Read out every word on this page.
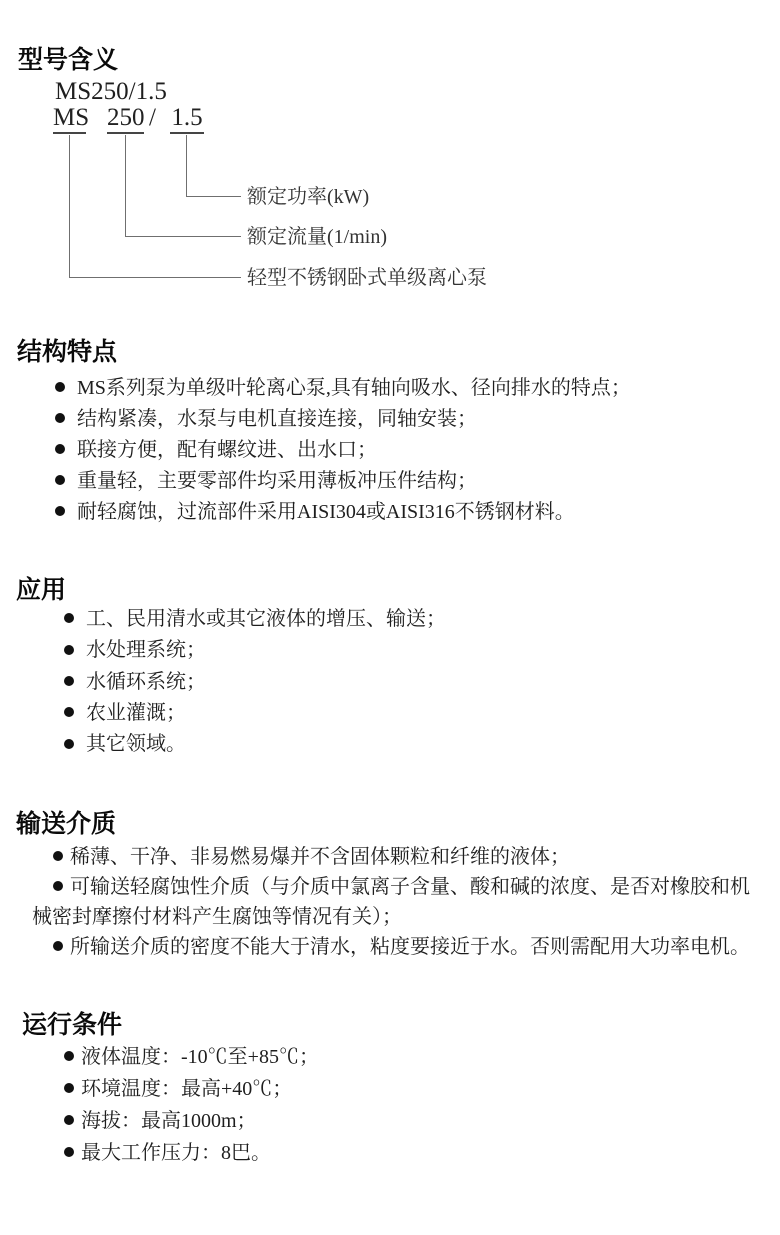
型号含义
MS250/1.5
MS 250 / 1.5
额定功率(kW)
额定流量(1/min)
轻型不锈钢卧式单级离心泵
结构特点
MS系列泵为单级叶轮离心泵,具有轴向吸水、径向排水的特点；
结构紧凑，水泵与电机直接连接，同轴安装；
联接方便，配有螺纹进、出水口；
重量轻，主要零部件均采用薄板冲压件结构；
耐轻腐蚀，过流部件采用AISI304或AISI316不锈钢材料。
应用
工、民用清水或其它液体的增压、输送；
水处理系统；
水循环系统；
农业灌溉；
其它领域。
输送介质
稀薄、干净、非易燃易爆并不含固体颗粒和纤维的液体；
可输送轻腐蚀性介质（与介质中氯离子含量、酸和碱的浓度、是否对橡胶和机
械密封摩擦付材料产生腐蚀等情况有关）；
所输送介质的密度不能大于清水，粘度要接近于水。否则需配用大功率电机。
运行条件
液体温度：-10℃至+85℃；
环境温度：最高+40℃；
海拔：最高1000m；
最大工作压力：8巴。
